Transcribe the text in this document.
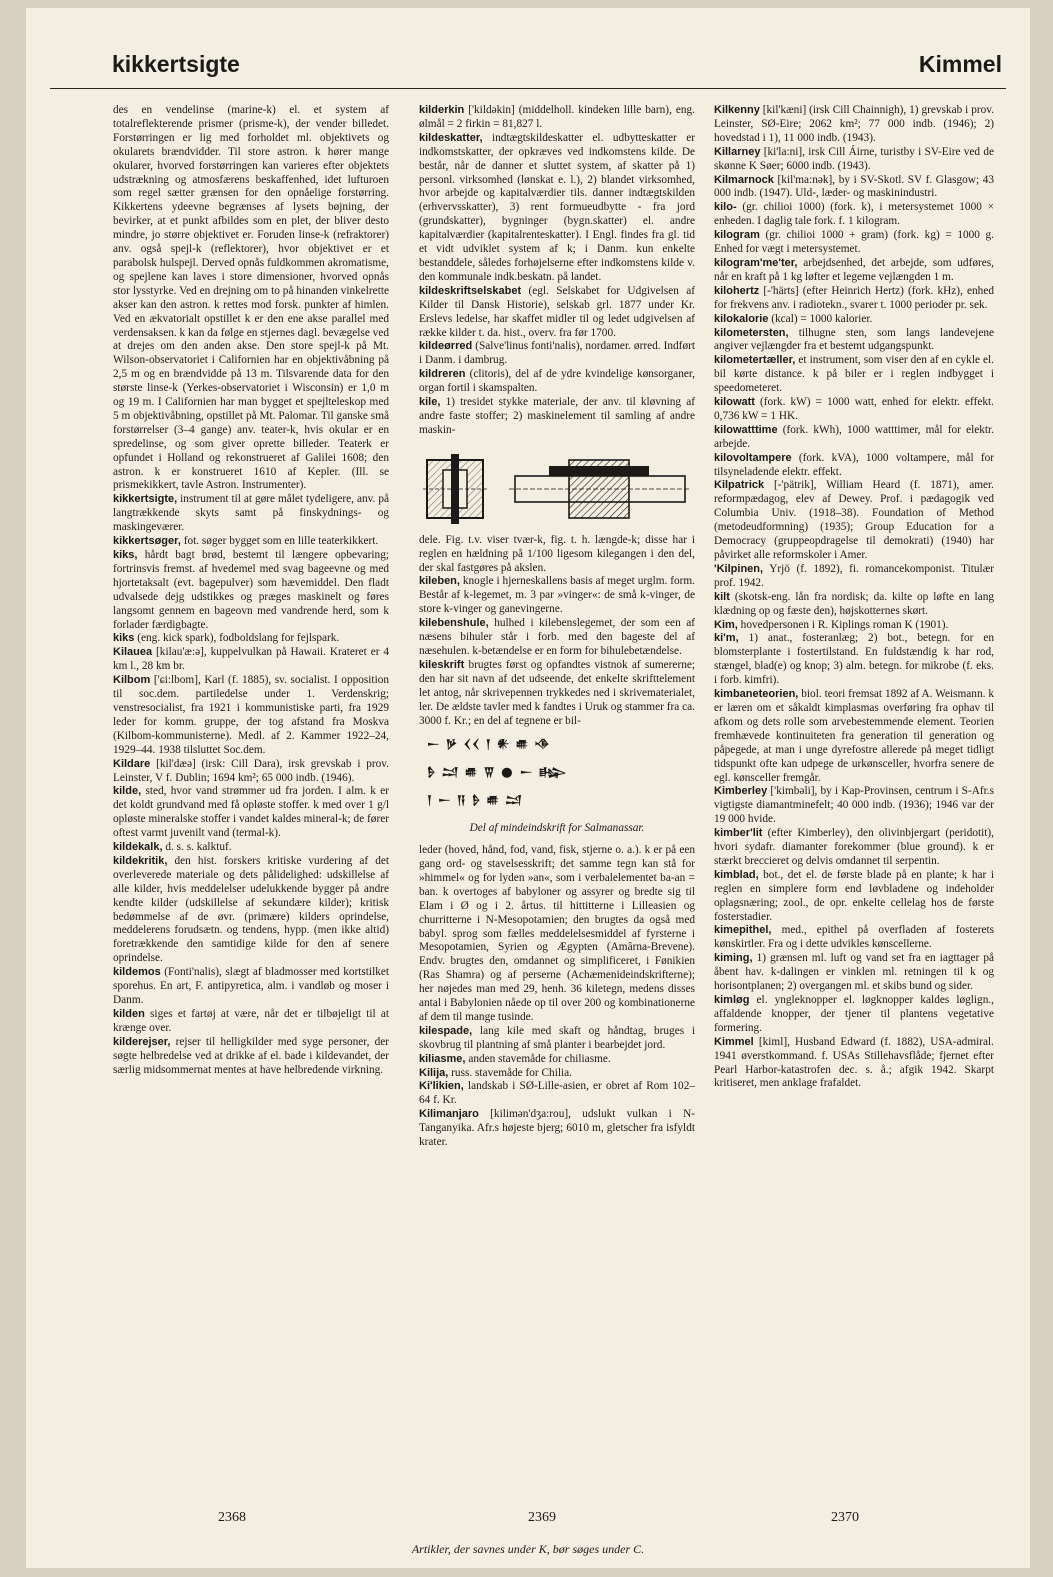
kikkertsigte	Kimmel

des en vendelinse (marine-k) el. et system af totalreflekterende prismer (prisme-k), der vender billedet. Forstørringen er lig med forholdet ml. objektivets og okularets brændvidder. Til store astron. k hører mange okularer, hvorved forstørringen kan varieres efter objektets udstrækning og atmosfærens beskaffenhed, idet lufturoen som regel sætter grænsen for den opnåelige forstørring. Kikkertens ydeevne begrænses af lysets bøjning, der bevirker, at et punkt afbildes som en plet, der bliver desto mindre, jo større objektivet er. Foruden linse-k (refraktorer) anv. også spejl-k (reflektorer), hvor objektivet er et parabolsk hulspejl. Derved opnås fuldkommen akromatisme, og spejlene kan laves i store dimensioner, hvorved opnås stor lysstyrke. Ved en drejning om to på hinanden vinkelrette akser kan den astron. k rettes mod forsk. punkter af himlen. Ved en ækvatorialt opstillet k er den ene akse parallel med verdensaksen. k kan da følge en stjernes dagl. bevægelse ved at drejes om den anden akse. Den store spejl-k på Mt. Wilson-observatoriet i Californien har en objektivåbning på 2,5 m og en brændvidde på 13 m. Tilsvarende data for den største linse-k (Yerkes-observatoriet i Wisconsin) er 1,0 m og 19 m. I Californien har man bygget et spejlteleskop med 5 m objektivåbning, opstillet på Mt. Palomar. Til ganske små forstørrelser (3–4 gange) anv. teater-k, hvis okular er en spredelinse, og som giver oprette billeder. Teaterk er opfundet i Holland og rekonstrueret af Galilei 1608; den astron. k er konstrueret 1610 af Kepler. (Ill. se prismekikkert, tavle Astron. Instrumenter).

kikkertsigte, instrument til at gøre målet tydeligere, anv. på langtrækkende skyts samt på finskydnings- og maskingeværer.

kikkertsøger, fot. søger bygget som en lille teaterkikkert.

kiks, hårdt bagt brød, bestemt til længere opbevaring; fortrinsvis fremst. af hvedemel med svag bageevne og med hjortetaksalt (evt. bagepulver) som hævemiddel. Den fladt udvalsede dejg udstikkes og præges maskinelt og føres langsomt gennem en bageovn med vandrende herd, som k forlader færdigbagte.

kiks (eng. kick spark), fodboldslang for fejlspark.

Kilauea [kilau'æ:ə], kuppelvulkan på Hawaii. Krateret er 4 km l., 28 km br.

Kilbom ['ɕi:lbom], Karl (f. 1885), sv. socialist. I opposition til soc.dem. partiledelse under 1. Verdenskrig; venstresocialist, fra 1921 i kommunistiske parti, fra 1929 leder for komm. gruppe, der tog afstand fra Moskva (Kilbom-kommunisterne). Medl. af 2. Kammer 1922–24, 1929–44. 1938 tilsluttet Soc.dem.

Kildare [kil'dæə] (irsk: Cill Dara), irsk grevskab i prov. Leinster, V f. Dublin; 1694 km²; 65 000 indb. (1946).

kilde, sted, hvor vand strømmer ud fra jorden. I alm. k er det koldt grundvand med få opløste stoffer. k med over 1 g/l opløste mineralske stoffer i vandet kaldes mineral-k; de fører oftest varmt juvenilt vand (termal-k).

kildekalk, d. s. s. kalktuf.

kildekritik, den hist. forskers kritiske vurdering af det overleverede materiale og dets pålidelighed: udskillelse af alle kilder, hvis meddelelser udelukkende bygger på andre kendte kilder (udskillelse af sekundære kilder); kritisk bedømmelse af de øvr. (primære) kilders oprindelse, meddelerens forudsætn. og tendens, hypp. (men ikke altid) foretrækkende den samtidige kilde for den af senere oprindelse.

kildemos (Fonti'nalis), slægt af bladmosser med kortstilket sporehus. En art, F. antipyretica, alm. i vandløb og moser i Danm.

kilden siges et fartøj at være, når det er tilbøjeligt til at krænge over.

kilderejser, rejser til helligkilder med syge personer, der søgte helbredelse ved at drikke af el. bade i kildevandet, der særlig midsommernat mentes at have helbredende virkning.

kilderkin ['kildəkin] (middelholl. kindeken lille barn), eng. ølmål = 2 firkin = 81,827 l.

kildeskatter, indtægtskildeskatter el. udbytteskatter er indkomstskatter, der opkræves ved indkomstens kilde. De består, når de danner et sluttet system, af skatter på 1) personl. virksomhed (lønskat e. l.), 2) blandet virksomhed, hvor arbejde og kapitalværdier tils. danner indtægtskilden (erhvervsskatter), 3) rent formueudbytte - fra jord (grundskatter), bygninger (bygn.skatter) el. andre kapitalværdier (kapitalrenteskatter). I Engl. findes fra gl. tid et vidt udviklet system af k; i Danm. kun enkelte bestanddele, således forhøjelserne efter indkomstens kilde v. den kommunale indk.beskatn. på landet.

kildeskriftselskabet (egl. Selskabet for Udgivelsen af Kilder til Dansk Historie), selskab grl. 1877 under Kr. Erslevs ledelse, har skaffet midler til og ledet udgivelsen af række kilder t. da. hist., overv. fra før 1700.

kildeørred (Salve'linus fonti'nalis), nordamer. ørred. Indført i Danm. i dambrug.

kildreren (clitoris), del af de ydre kvindelige kønsorganer, organ fortil i skamspalten.

kile, 1) tresidet stykke materiale, der anv. til kløvning af andre faste stoffer; 2) maskinelement til samling af andre maskin-

dele. Fig. t.v. viser tvær-k, fig. t. h. længde-k; disse har i reglen en hældning på 1/100 ligesom kilegangen i den del, der skal fastgøres på akslen.

kileben, knogle i hjerneskallens basis af meget urglm. form. Består af k-legemet, m. 3 par »vinger«: de små k-vinger, de store k-vinger og ganevingerne.

kilebenshule, hulhed i kilebenslegemet, der som een af næsens bihuler står i forb. med den bageste del af næsehulen. k-betændelse er en form for bihulebetændelse.

kileskrift brugtes først og opfandtes vistnok af sumererne; den har sit navn af det udseende, det enkelte skrifttelement let antog, når skrivepennen trykkedes ned i skrivematerialet, ler. De ældste tavler med k fandtes i Uruk og stammer fra ca. 3000 f. Kr.; en del af tegnene er bil-

𒀸 𒃻 𒌋𒌋 𒁹 𒀭 𒌑 𒈾
𒊩 𒁺 𒌑 𒐊 𒊹 𒀸 𒈗
𒁹 𒀸 𒀀 𒊩 𒌑 𒁺
Del af mindeindskrift for Salmanassar.

leder (hoved, hånd, fod, vand, fisk, stjerne o. a.). k er på een gang ord- og stavelsesskrift; det samme tegn kan stå for »himmel« og for lyden »an«, som i verbalelementet ba-an = ban. k overtoges af babyloner og assyrer og bredte sig til Elam i Ø og i 2. årtus. til hittitterne i Lilleasien og churritterne i N-Mesopotamien; den brugtes da også med babyl. sprog som fælles meddelelsesmiddel af fyrsterne i Mesopotamien, Syrien og Ægypten (Amârna-Brevene). Endv. brugtes den, omdannet og simplificeret, i Fønikien (Ras Shamra) og af perserne (Achæmenideindskrifterne); her nøjedes man med 29, henh. 36 kiletegn, medens disses antal i Babylonien nåede op til over 200 og kombinationerne af dem til mange tusinde.

kilespade, lang kile med skaft og håndtag, bruges i skovbrug til plantning af små planter i bearbejdet jord.

kiliasme, anden stavemåde for chiliasme.

Kilija, russ. stavemåde for Chilia.

Ki'likien, landskab i SØ-Lille-asien, er obret af Rom 102–64 f. Kr.

Kilimanjaro [kilimən'dʒa:rou], udslukt vulkan i N-Tanganyika. Afr.s højeste bjerg; 6010 m, gletscher fra isfyldt krater.

Kilkenny [kil'kæni] (irsk Cill Chainnigh), 1) grevskab i prov. Leinster, SØ-Eire; 2062 km²; 77 000 indb. (1946); 2) hovedstad i 1), 11 000 indb. (1943).

Killarney [ki'la:ni], irsk Cill Áirne, turistby i SV-Eire ved de skønne K Søer; 6000 indb. (1943).

Kilmarnock [kil'ma:nək], by i SV-Skotl. SV f. Glasgow; 43 000 indb. (1947). Uld-, læder- og maskinindustri.

kilo- (gr. chilioi 1000) (fork. k), i metersystemet 1000 × enheden. I daglig tale fork. f. 1 kilogram.

kilogram (gr. chilioi 1000 + gram) (fork. kg) = 1000 g. Enhed for vægt i metersystemet.

kilogram'me'ter, arbejdsenhed, det arbejde, som udføres, når en kraft på 1 kg løfter et legeme vejlængden 1 m.

kilohertz [-'härts] (efter Heinrich Hertz) (fork. kHz), enhed for frekvens anv. i radiotekn., svarer t. 1000 perioder pr. sek.

kilokalorie (kcal) = 1000 kalorier.

kilometersten, tilhugne sten, som langs landevejene angiver vejlængder fra et bestemt udgangspunkt.

kilometertæller, et instrument, som viser den af en cykle el. bil kørte distance. k på biler er i reglen indbygget i speedometeret.

kilowatt (fork. kW) = 1000 watt, enhed for elektr. effekt. 0,736 kW = 1 HK.

kilowatttime (fork. kWh), 1000 watttimer, mål for elektr. arbejde.

kilovoltampere (fork. kVA), 1000 voltampere, mål for tilsyneladende elektr. effekt.

Kilpatrick [-'pätrik], William Heard (f. 1871), amer. reformpædagog, elev af Dewey. Prof. i pædagogik ved Columbia Univ. (1918–38). Foundation of Method (metodeudformning) (1935); Group Education for a Democracy (gruppeopdragelse til demokrati) (1940) har påvirket alle reformskoler i Amer.

'Kilpinen, Yrjö (f. 1892), fi. romancekomponist. Titulær prof. 1942.

kilt (skotsk-eng. lån fra nordisk; da. kilte op løfte en lang klædning op og fæste den), højskotternes skørt.

Kim, hovedpersonen i R. Kiplings roman K (1901).

ki'm, 1) anat., fosteranlæg; 2) bot., betegn. for en blomsterplante i fostertilstand. En fuldstændig k har rod, stængel, blad(e) og knop; 3) alm. betegn. for mikrobe (f. eks. i forb. kimfri).

kimbaneteorien, biol. teori fremsat 1892 af A. Weismann. k er læren om et såkaldt kimplasmas overføring fra ophav til afkom og dets rolle som arvebestemmende element. Teorien fremhævede kontinuiteten fra generation til generation og påpegede, at man i unge dyrefostre allerede på meget tidligt tidspunkt ofte kan udpege de urkønsceller, hvorfra senere de egl. kønsceller fremgår.

Kimberley ['kimbəli], by i Kap-Provinsen, centrum i S-Afr.s vigtigste diamantminefelt; 40 000 indb. (1936); 1946 var der 19 000 hvide.

kimber'lit (efter Kimberley), den olivinbjergart (peridotit), hvori sydafr. diamanter forekommer (blue ground). k er stærkt breccieret og delvis omdannet til serpentin.

kimblad, bot., det el. de første blade på en plante; k har i reglen en simplere form end løvbladene og indeholder oplagsnæring; zool., de opr. enkelte cellelag hos de første fosterstadier.

kimepithel, med., epithel på overfladen af fosterets kønskirtler. Fra og i dette udvikles kønscellerne.

kiming, 1) grænsen ml. luft og vand set fra en iagttager på åbent hav. k-dalingen er vinklen ml. retningen til k og horisontplanen; 2) overgangen ml. et skibs bund og sider.

kimløg el. yngleknopper el. løgknopper kaldes løglign., affaldende knopper, der tjener til plantens vegetative formering.

Kimmel [kiml], Husband Edward (f. 1882), USA-admiral. 1941 øverstkommand. f. USAs Stillehavsflåde; fjernet efter Pearl Harbor-katastrofen dec. s. å.; afgik 1942. Skarpt kritiseret, men anklage frafaldet.

2368	2369	2370
Artikler, der savnes under K, bør søges under C.
